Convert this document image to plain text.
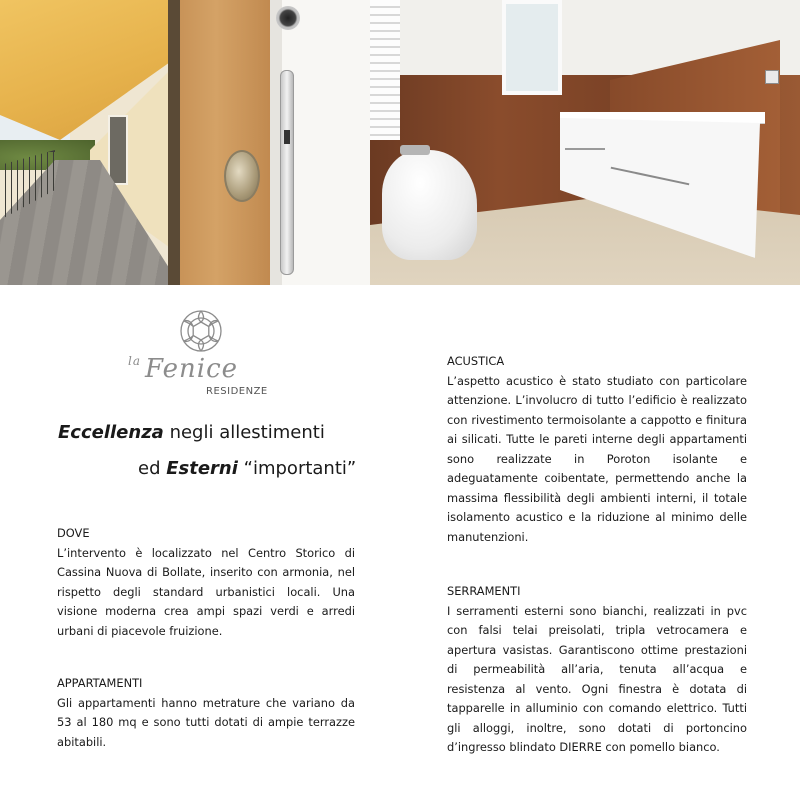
$^{la}$ Fenice
RESIDENZE
Eccellenza negli allestimenti
ed Esterni “importanti”
DOVE

L’intervento è localizzato nel Centro Storico di Cassina Nuova di Bollate, inserito con armonia, nel rispetto degli standard urbanistici locali. Una visione moderna crea ampi spazi verdi e arredi urbani di piacevole fruizione.

APPARTAMENTI

Gli appartamenti hanno metrature che variano da 53 al 180 mq e sono tutti dotati di ampie terrazze abitabili.

ACUSTICA

L’aspetto acustico è stato studiato con particolare attenzione. L’involucro di tutto l’edificio è realizzato con rivestimento termoisolante a cappotto e finitura ai silicati. Tutte le pareti interne degli appartamenti sono realizzate in Poroton isolante e adeguatamente coibentate, permettendo anche la massima flessibilità degli ambienti interni, il totale isolamento acustico e la riduzione al minimo delle manutenzioni.

SERRAMENTI

I serramenti esterni sono bianchi, realizzati in pvc con falsi telai preisolati, tripla vetrocamera e apertura vasistas. Garantiscono ottime prestazioni di permeabilità all’aria, tenuta all’acqua e resistenza al vento. Ogni finestra è dotata di tapparelle in alluminio con comando elettrico. Tutti gli alloggi, inoltre, sono dotati di portoncino d’ingresso blindato DIERRE con pomello bianco.
